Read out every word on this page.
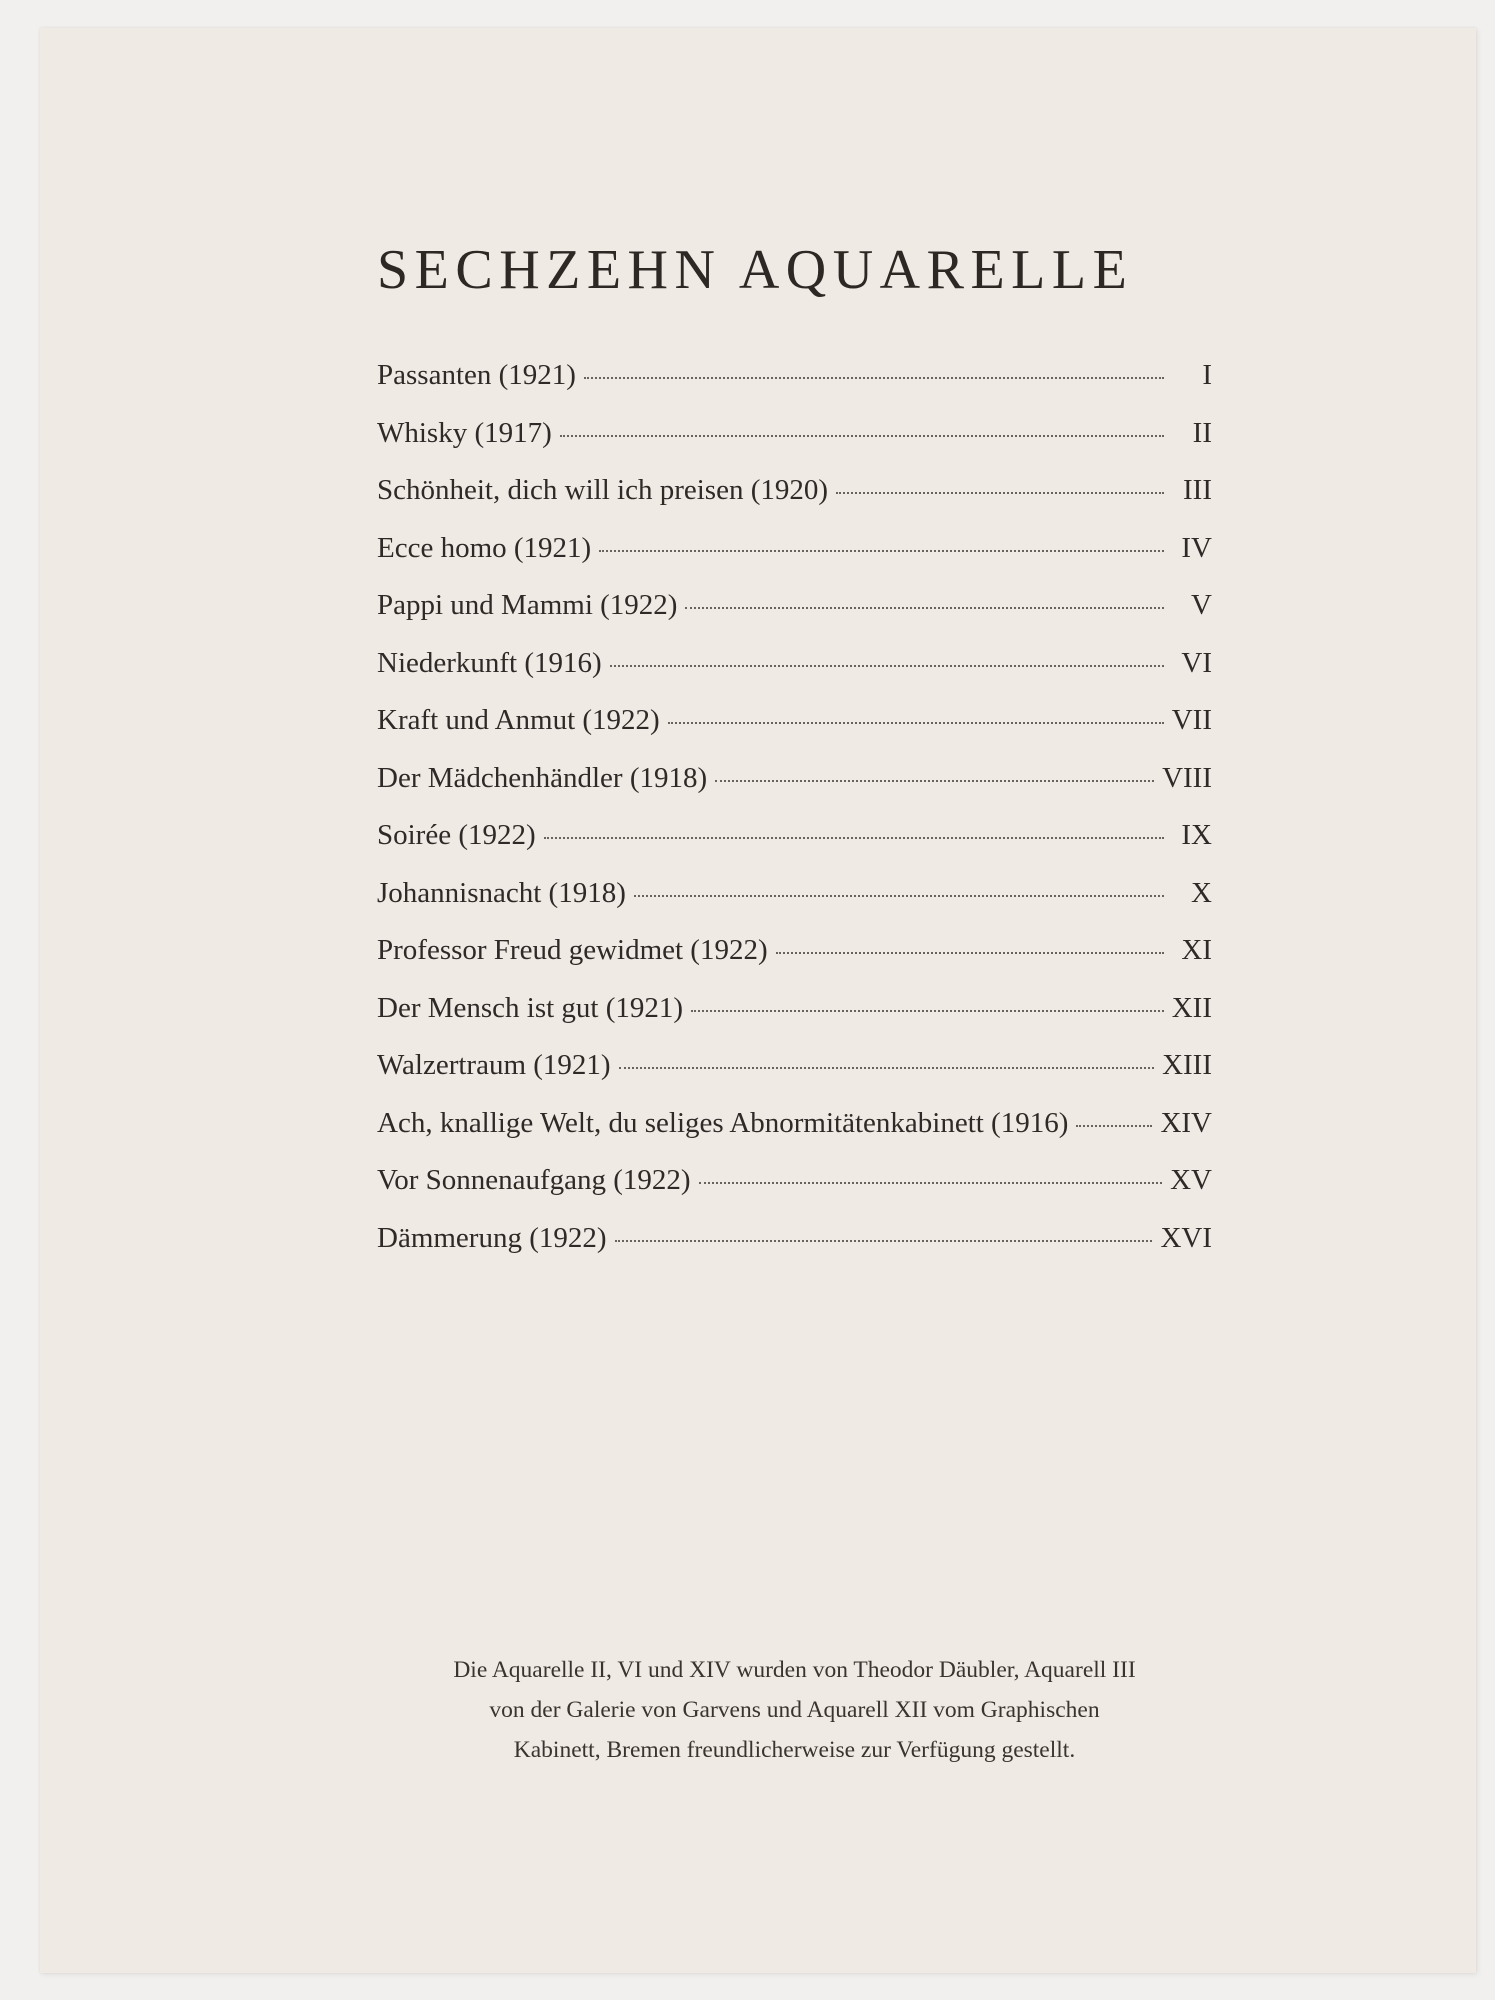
SECHZEHN AQUARELLE
Passanten (1921)	I
Whisky (1917)	II
Schönheit, dich will ich preisen (1920)	III
Ecce homo (1921)	IV
Pappi und Mammi (1922)	V
Niederkunft (1916)	VI
Kraft und Anmut (1922)	VII
Der Mädchenhändler (1918)	VIII
Soirée (1922)	IX
Johannisnacht (1918)	X
Professor Freud gewidmet (1922)	XI
Der Mensch ist gut (1921)	XII
Walzertraum (1921)	XIII
Ach, knallige Welt, du seliges Abnormitätenkabinett (1916)	XIV
Vor Sonnenaufgang (1922)	XV
Dämmerung (1922)	XVI
Die Aquarelle II, VI und XIV wurden von Theodor Däubler, Aquarell III
von der Galerie von Garvens und Aquarell XII vom Graphischen
Kabinett, Bremen freundlicherweise zur Verfügung gestellt.
